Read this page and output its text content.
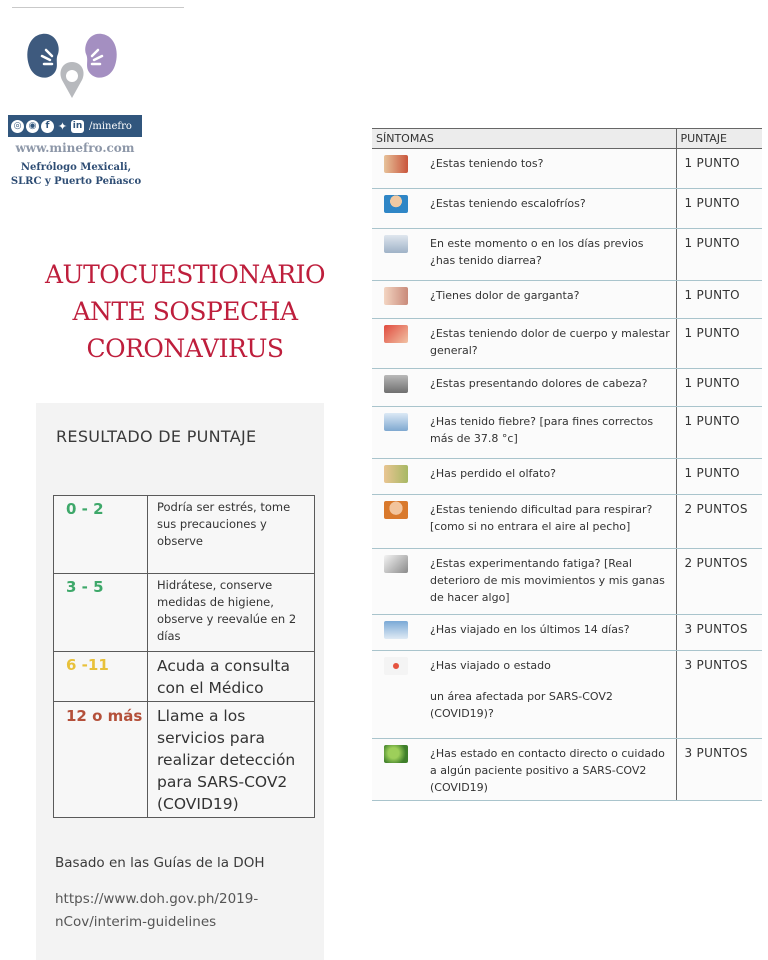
◎ ◉	f ✦ in /minefro
www.minefro.com
Nefrólogo Mexicali,
SLRC y Puerto Peñasco
AUTOCUESTIONARIO
ANTE SOSPECHA
CORONAVIRUS
RESULTADO DE PUNTAJE
0 - 2	Podría ser estrés, tome sus precauciones y observe
3 - 5	Hidrátese, conserve medidas de higiene, observe y reevalúe en 2 días
6 -11	Acuda a consulta con el Médico
12 o más	Llame a los servicios para realizar detección para SARS-COV2 (COVID19)
Basado en las Guías de la DOH
https://www.doh.gov.ph/2019-
nCov/interim-guidelines
SÍNTOMAS		PUNTAJE
	¿Estas teniendo tos?	1 PUNTO
	¿Estas teniendo escalofríos?	1 PUNTO
	En este momento o en los días previos ¿has tenido diarrea?	1 PUNTO
	¿Tienes dolor de garganta?	1 PUNTO
	¿Estas teniendo dolor de cuerpo y malestar general?	1 PUNTO
	¿Estas presentando dolores de cabeza?	1 PUNTO
	¿Has tenido fiebre? [para fines correctos más de 37.8 °c]	1 PUNTO
	¿Has perdido el olfato?	1 PUNTO
	¿Estas teniendo dificultad para respirar? [como si no entrara el aire al pecho]	2 PUNTOS
	¿Estas experimentando fatiga? [Real deterioro de mis movimientos y mis ganas de hacer algo]	2 PUNTOS
	¿Has viajado en los últimos 14 días?	3 PUNTOS
	¿Has viajado o estado
un área afectada por SARS-COV2 (COVID19)?	3 PUNTOS
	¿Has estado en contacto directo o cuidado a algún paciente positivo a SARS-COV2 (COVID19)	3 PUNTOS
